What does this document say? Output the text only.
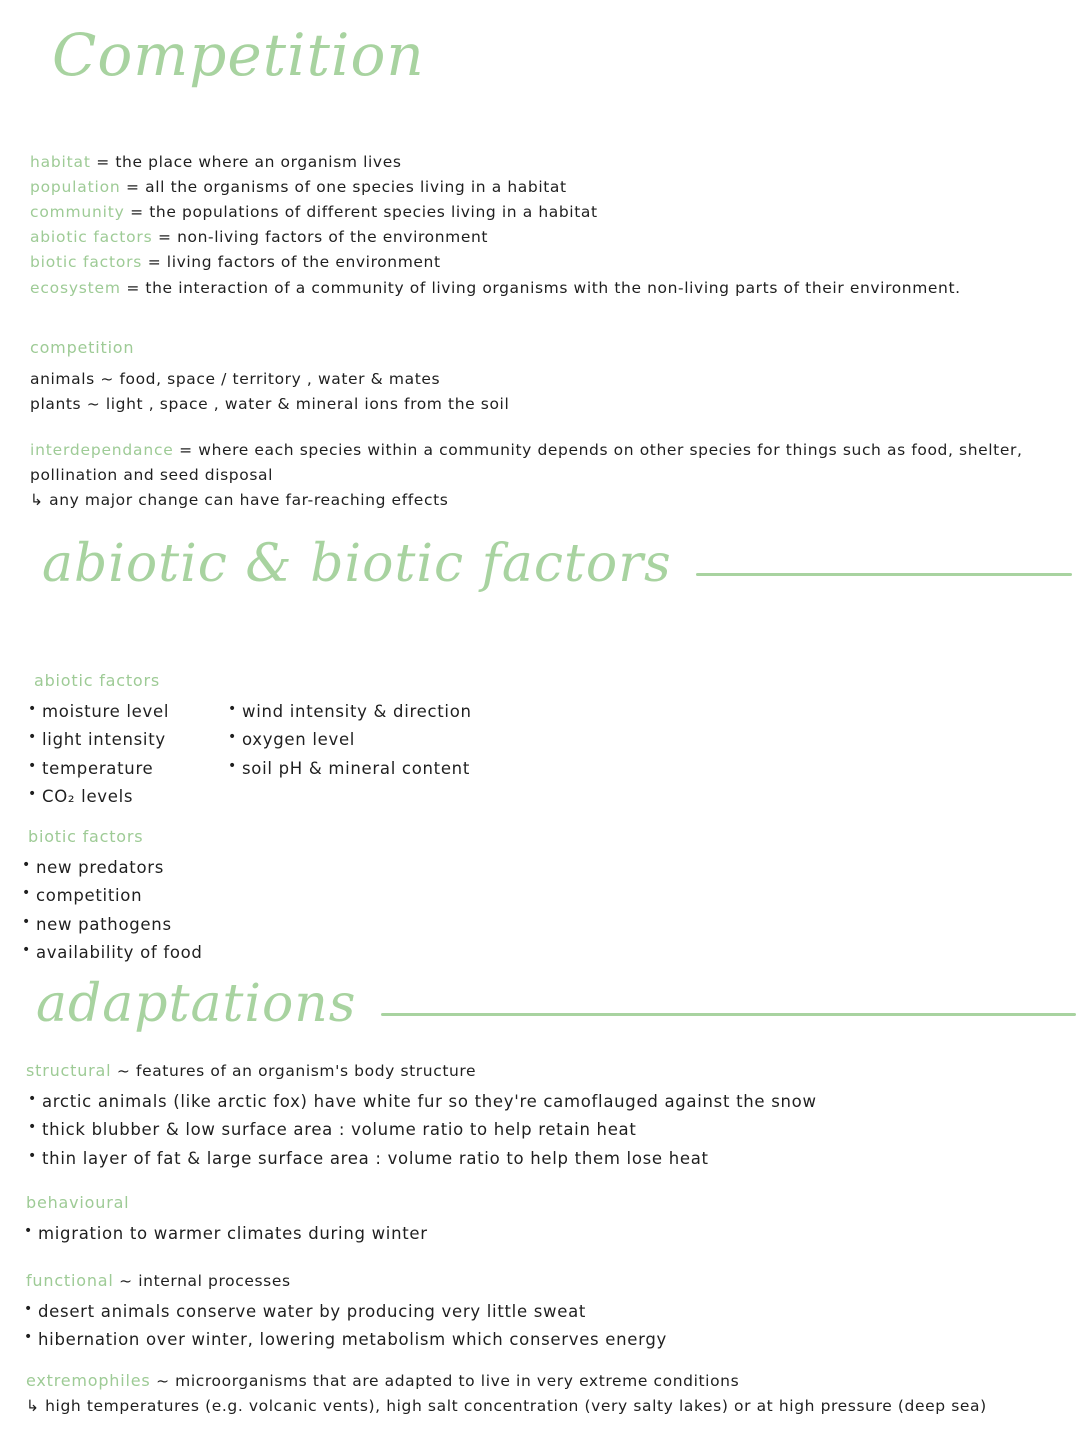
Competition
habitat = the place where an organism lives
population = all the organisms of one species living in a habitat
community = the populations of different species living in a habitat
abiotic factors = non-living factors of the environment
biotic factors = living factors of the environment
ecosystem = the interaction of a community of living organisms with the non-living parts of their environment.
competition
animals ~ food, space / territory , water & mates
plants ~ light , space , water & mineral ions from the soil
interdependance = where each species within a community depends on other species for things such as food, shelter, pollination and seed disposal
↳ any major change can have far-reaching effects
abiotic & biotic factors
abiotic factors
• moisture level
• light intensity
• temperature
• CO₂ levels
• wind intensity & direction
• oxygen level
• soil pH & mineral content
biotic factors
• new predators
• competition
• new pathogens
• availability of food
adaptations
structural ~ features of an organism's body structure
• arctic animals (like arctic fox) have white fur so they're camoflauged against the snow
• thick blubber & low surface area : volume ratio to help retain heat
• thin layer of fat & large surface area : volume ratio to help them lose heat
behavioural
• migration to warmer climates during winter
functional ~ internal processes
• desert animals conserve water by producing very little sweat
• hibernation over winter, lowering metabolism which conserves energy
extremophiles ~ microorganisms that are adapted to live in very extreme conditions
↳ high temperatures (e.g. volcanic vents), high salt concentration (very salty lakes) or at high pressure (deep sea)
